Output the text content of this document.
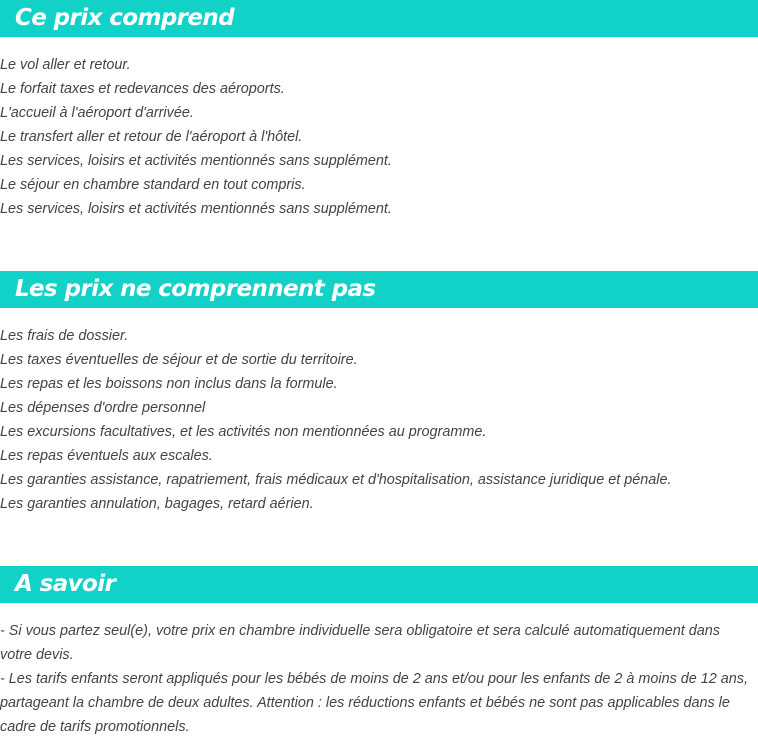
Ce prix comprend
Le vol aller et retour.
Le forfait taxes et redevances des aéroports.
L'accueil à l'aéroport d'arrivée.
Le transfert aller et retour de l'aéroport à l'hôtel.
Les services, loisirs et activités mentionnés sans supplément.
Le séjour en chambre standard en tout compris.
Les services, loisirs et activités mentionnés sans supplément.
Les prix ne comprennent pas
Les frais de dossier.
Les taxes éventuelles de séjour et de sortie du territoire.
Les repas et les boissons non inclus dans la formule.
Les dépenses d'ordre personnel
Les excursions facultatives, et les activités non mentionnées au programme.
Les repas éventuels aux escales.
Les garanties assistance, rapatriement, frais médicaux et d'hospitalisation, assistance juridique et pénale.
Les garanties annulation, bagages, retard aérien.
A savoir

- Si vous partez seul(e), votre prix en chambre individuelle sera obligatoire et sera calculé automatiquement dans votre devis.

- Les tarifs enfants seront appliqués pour les bébés de moins de 2 ans et/ou pour les enfants de 2 à moins de 12 ans, partageant la chambre de deux adultes. Attention : les réductions enfants et bébés ne sont pas applicables dans le cadre de tarifs promotionnels.
